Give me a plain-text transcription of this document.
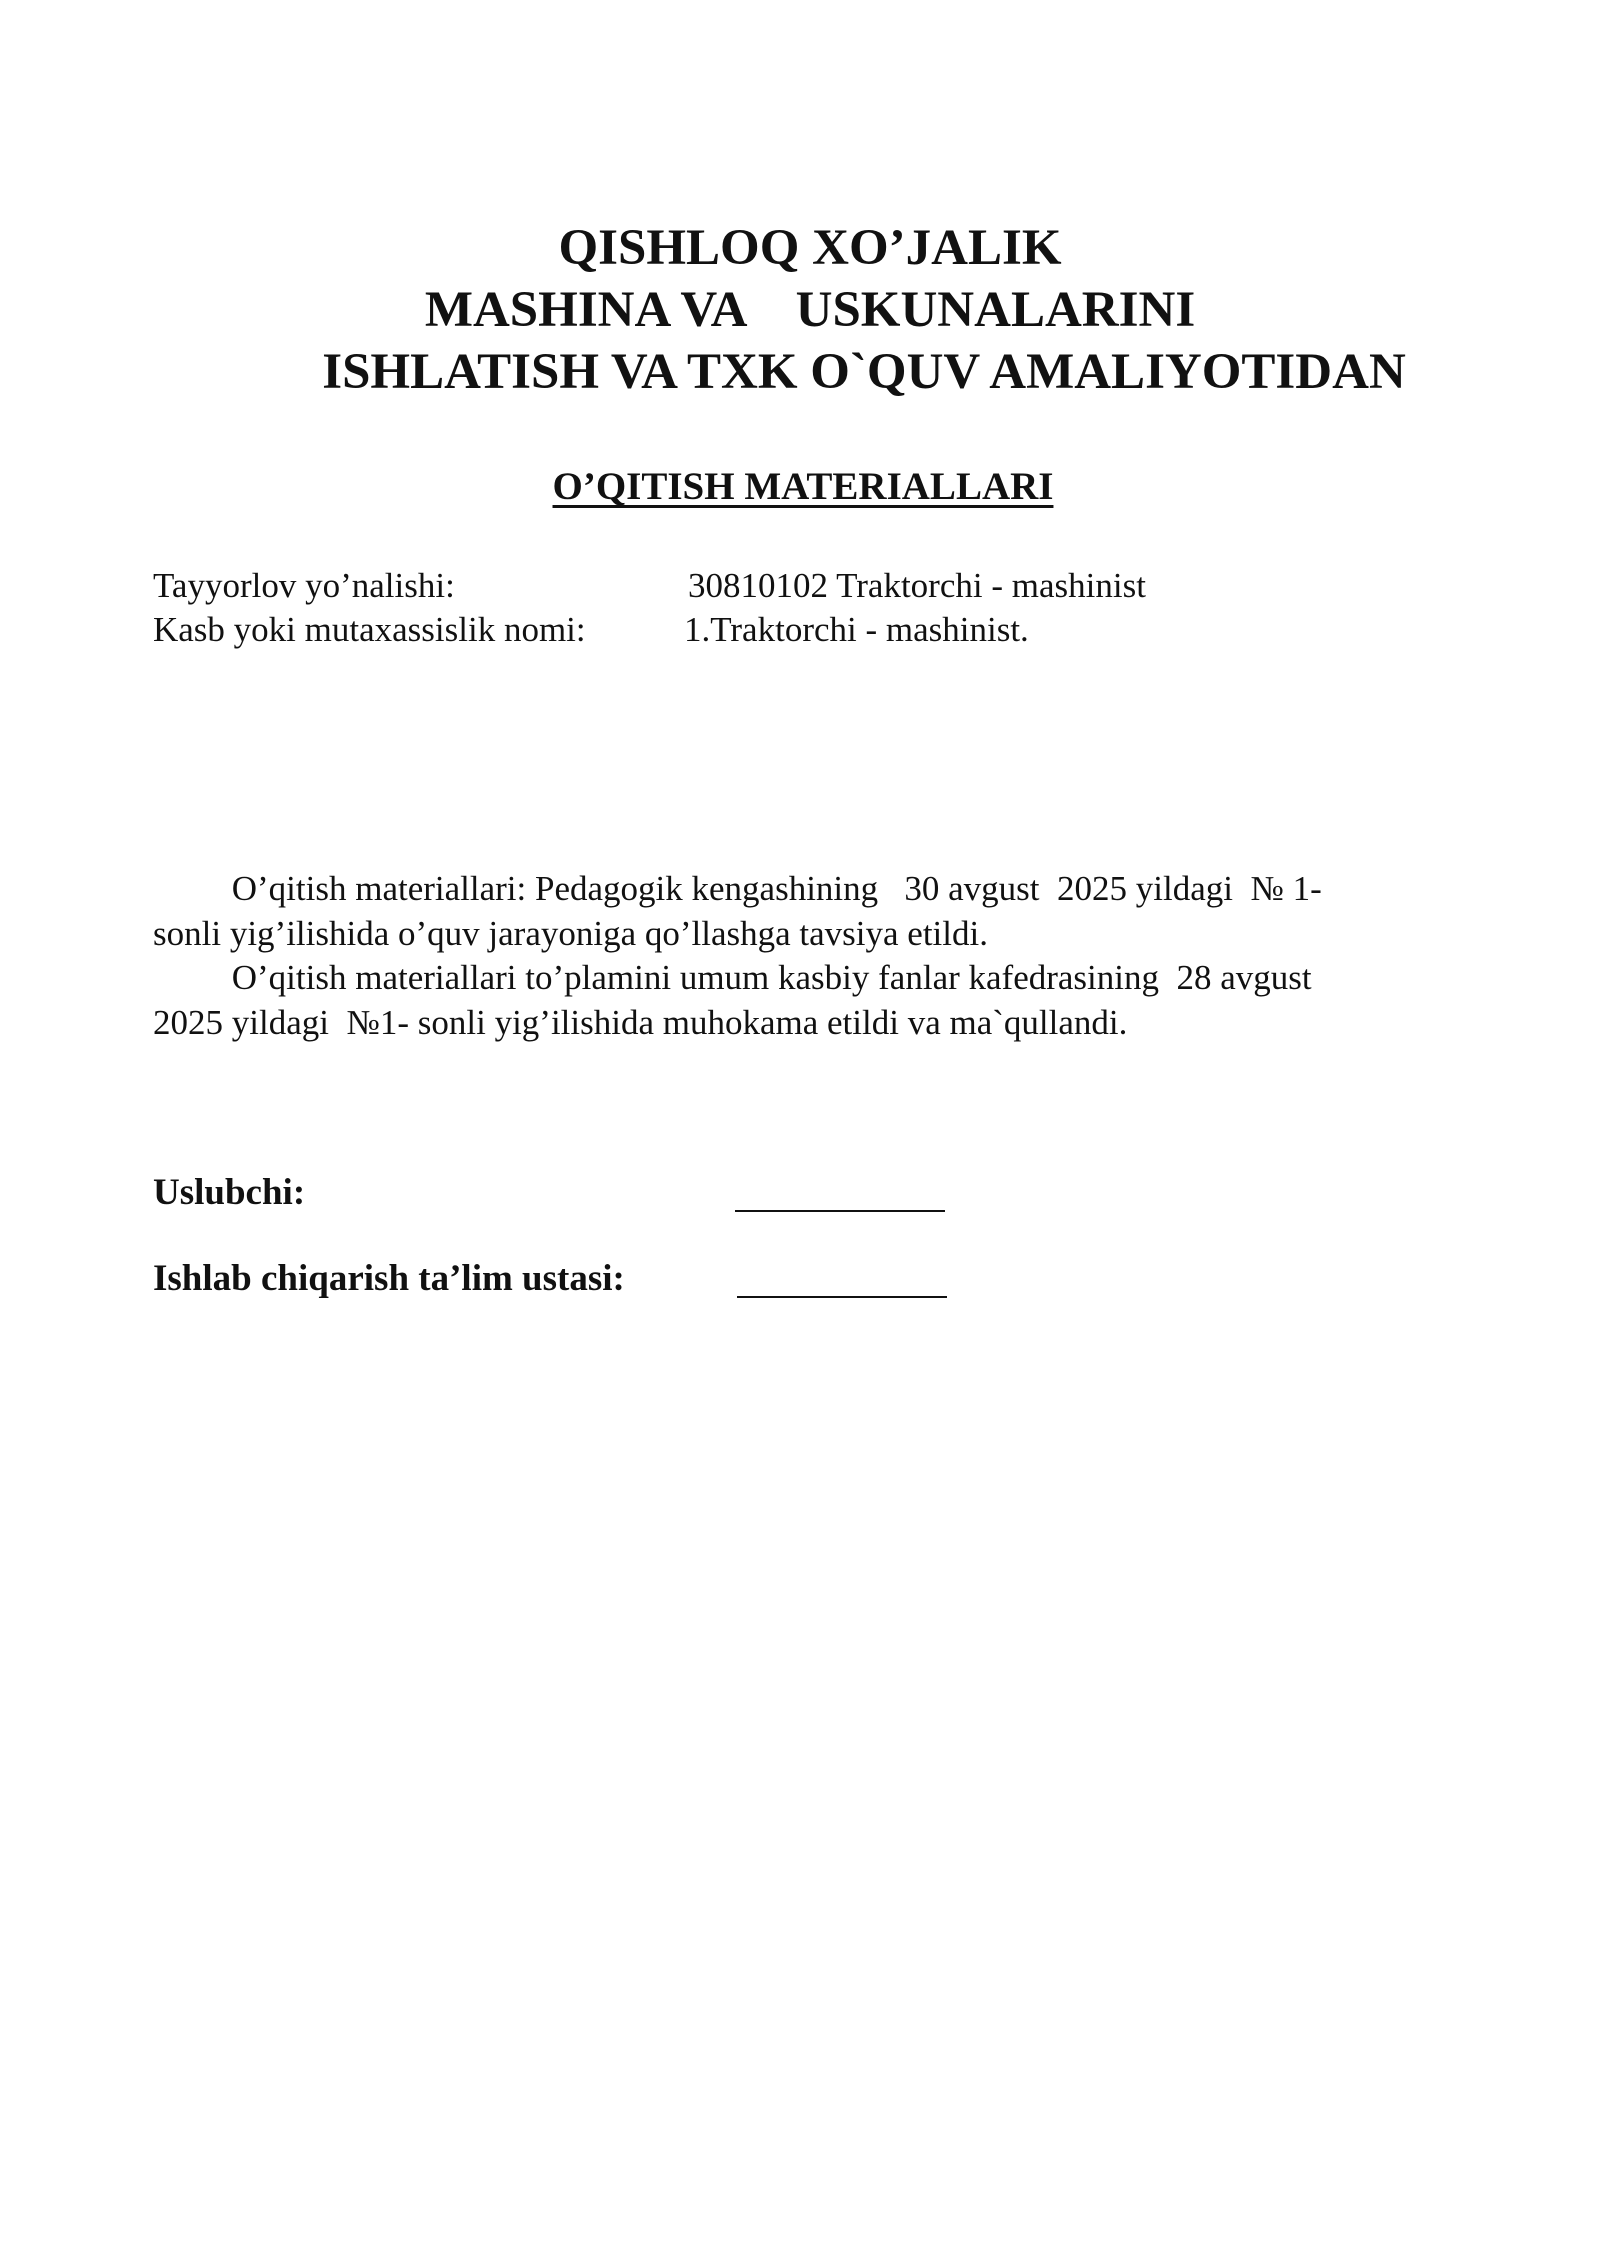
QISHLOQ XO’JALIK
MASHINA VA    USKUNALARINI
ISHLATISH VA TXK O`QUV AMALIYOTIDAN
O’QITISH MATERIALLARI
Tayyorlov yo’nalishi:	30810102 Traktorchi - mashinist
Kasb yoki mutaxassislik nomi:	1.Traktorchi - mashinist.
O’qitish materiallari: Pedagogik kengashining   30 avgust  2025 yildagi  № 1-
sonli yig’ilishida o’quv jarayoniga qo’llashga tavsiya etildi.
O’qitish materiallari to’plamini umum kasbiy fanlar kafedrasining  28 avgust
2025 yildagi  №1- sonli yig’ilishida muhokama etildi va ma`qullandi.
Uslubchi:
Ishlab chiqarish ta’lim ustasi:
